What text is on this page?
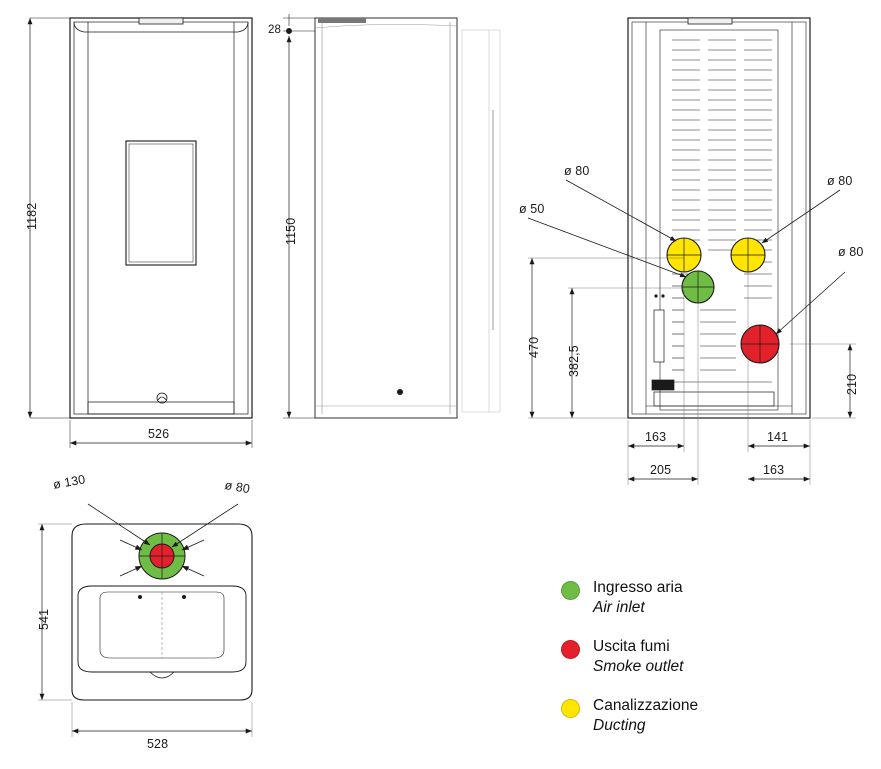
1182
526
28
1150
ø 80
ø 50
ø 80
ø 80
470 382,5
210
163	141
205	163
ø 130	ø 80
541
528
Ingresso aria
Air inlet
Uscita fumi
Smoke outlet
Canalizzazione
Ducting
